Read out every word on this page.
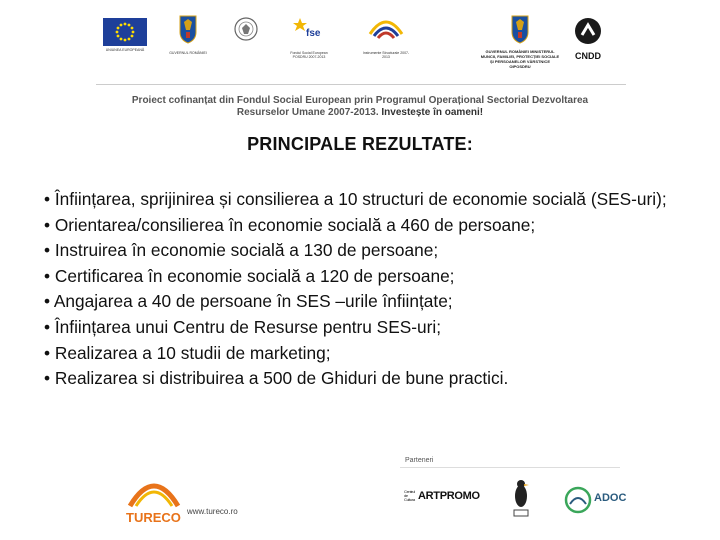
UNIUNEA EUROPEANĂ
GUVERNUL ROMÂNIEI
fse
Fondul Social European POSDRU 2007-2013
Instrumente Structurale 2007-2013
GUVERNUL ROMÂNIEI MINISTERUL MUNCII, FAMILIEI, PROTECȚIEI SOCIALE ȘI PERSOANELOR VÂRSTNICE OIPOSDRU
CNDD
Proiect cofinanțat din Fondul Social European prin Programul Operațional Sectorial Dezvoltarea Resurselor Umane 2007-2013. Investește în oameni!
PRINCIPALE REZULTATE:
• Înființarea, sprijinirea și consilierea a 10 structuri de economie socială (SES-uri);
• Orientarea/consilierea în economie socială a 460 de persoane;
• Instruirea în economie socială a 130 de persoane;
• Certificarea în economie socială a 120 de persoane;
• Angajarea a 40 de persoane în SES –urile înființate;
• Înființarea unui Centru de Resurse pentru SES-uri;
• Realizarea a 10 studii de marketing;
• Realizarea si distribuirea a 500 de Ghiduri de bune practici.
Parteneri
TURECO www.tureco.ro
Centrul de Cultura ARTPROMO	ADOC
